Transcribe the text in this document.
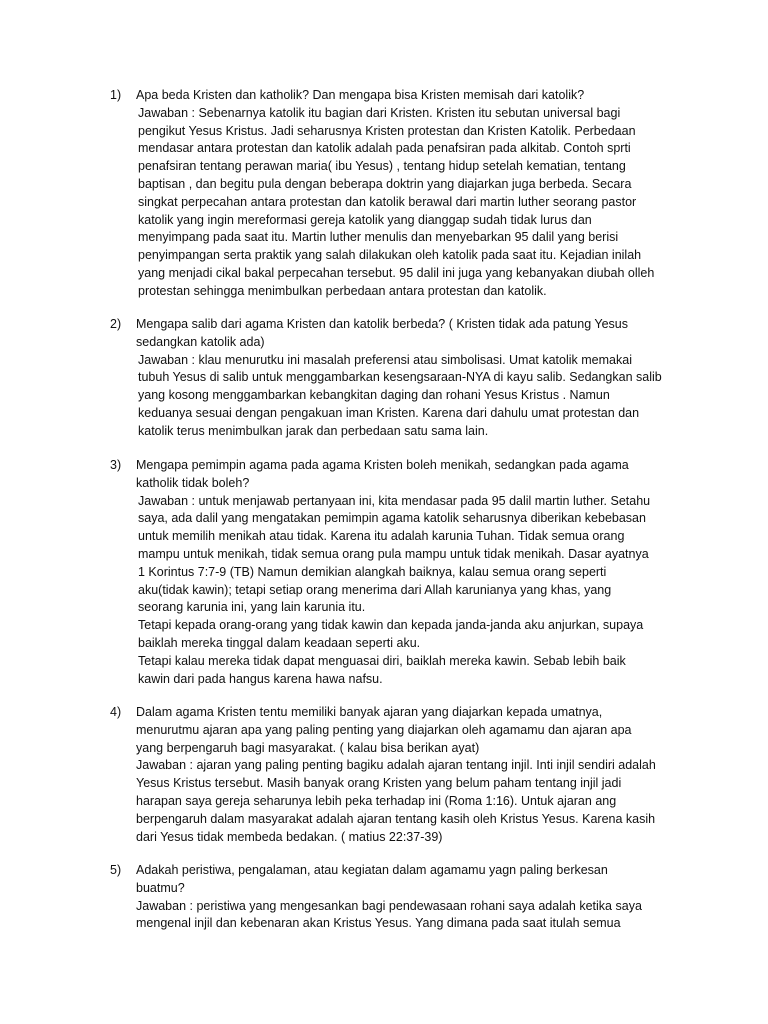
1)	Apa beda Kristen dan katholik? Dan mengapa bisa Kristen memisah dari katolik?
Jawaban : Sebenarnya katolik itu bagian dari Kristen. Kristen itu sebutan universal bagi
pengikut Yesus Kristus. Jadi seharusnya Kristen protestan dan Kristen Katolik. Perbedaan
mendasar antara protestan dan katolik adalah pada penafsiran pada alkitab. Contoh sprti
penafsiran tentang perawan maria( ibu Yesus) , tentang hidup setelah kematian, tentang
baptisan , dan begitu pula dengan beberapa doktrin yang diajarkan juga berbeda. Secara
singkat perpecahan antara protestan dan katolik berawal dari martin luther seorang pastor
katolik yang ingin mereformasi gereja katolik yang dianggap sudah tidak lurus dan
menyimpang pada saat itu. Martin luther menulis dan menyebarkan 95 dalil yang berisi
penyimpangan serta praktik yang salah dilakukan oleh katolik pada saat itu. Kejadian inilah
yang menjadi cikal bakal perpecahan tersebut. 95 dalil ini juga yang kebanyakan diubah olleh
protestan sehingga menimbulkan perbedaan antara protestan dan katolik.
2)	Mengapa salib dari agama Kristen dan katolik berbeda? ( Kristen tidak ada patung Yesus
sedangkan katolik ada)
Jawaban : klau menurutku ini masalah preferensi atau simbolisasi. Umat katolik memakai
tubuh Yesus di salib untuk menggambarkan kesengsaraan-NYA di kayu salib. Sedangkan salib
yang kosong menggambarkan kebangkitan daging dan rohani Yesus Kristus . Namun
keduanya sesuai dengan pengakuan iman Kristen. Karena dari dahulu umat protestan dan
katolik terus menimbulkan jarak dan perbedaan satu sama lain.
3)	Mengapa pemimpin agama pada agama Kristen boleh menikah, sedangkan pada agama
katholik tidak boleh?
Jawaban : untuk menjawab pertanyaan ini, kita mendasar pada 95 dalil martin luther. Setahu
saya, ada dalil yang mengatakan pemimpin agama katolik seharusnya diberikan kebebasan
untuk memilih menikah atau tidak. Karena itu adalah karunia Tuhan. Tidak semua orang
mampu untuk menikah, tidak semua orang pula mampu untuk tidak menikah. Dasar ayatnya
1 Korintus 7:7-9 (TB) Namun demikian alangkah baiknya, kalau semua orang seperti
aku(tidak kawin); tetapi setiap orang menerima dari Allah karunianya yang khas, yang
seorang karunia ini, yang lain karunia itu.
Tetapi kepada orang-orang yang tidak kawin dan kepada janda-janda aku anjurkan, supaya
baiklah mereka tinggal dalam keadaan seperti aku.
Tetapi kalau mereka tidak dapat menguasai diri, baiklah mereka kawin. Sebab lebih baik
kawin dari pada hangus karena hawa nafsu.
4)	Dalam agama Kristen tentu memiliki banyak ajaran yang diajarkan kepada umatnya,
menurutmu ajaran apa yang paling penting yang diajarkan oleh agamamu dan ajaran apa
yang berpengaruh bagi masyarakat. ( kalau bisa berikan ayat)
Jawaban : ajaran yang paling penting bagiku adalah ajaran tentang injil. Inti injil sendiri adalah
Yesus Kristus tersebut. Masih banyak orang Kristen yang belum paham tentang injil jadi
harapan saya gereja seharunya lebih peka terhadap ini (Roma 1:16). Untuk ajaran ang
berpengaruh dalam masyarakat adalah ajaran tentang kasih oleh Kristus Yesus. Karena kasih
dari Yesus tidak membeda bedakan. ( matius 22:37-39)
5)	Adakah peristiwa, pengalaman, atau kegiatan dalam agamamu yagn paling berkesan
buatmu?
Jawaban : peristiwa yang mengesankan bagi pendewasaan rohani saya adalah ketika saya
mengenal injil dan kebenaran akan Kristus Yesus. Yang dimana pada saat itulah semua
